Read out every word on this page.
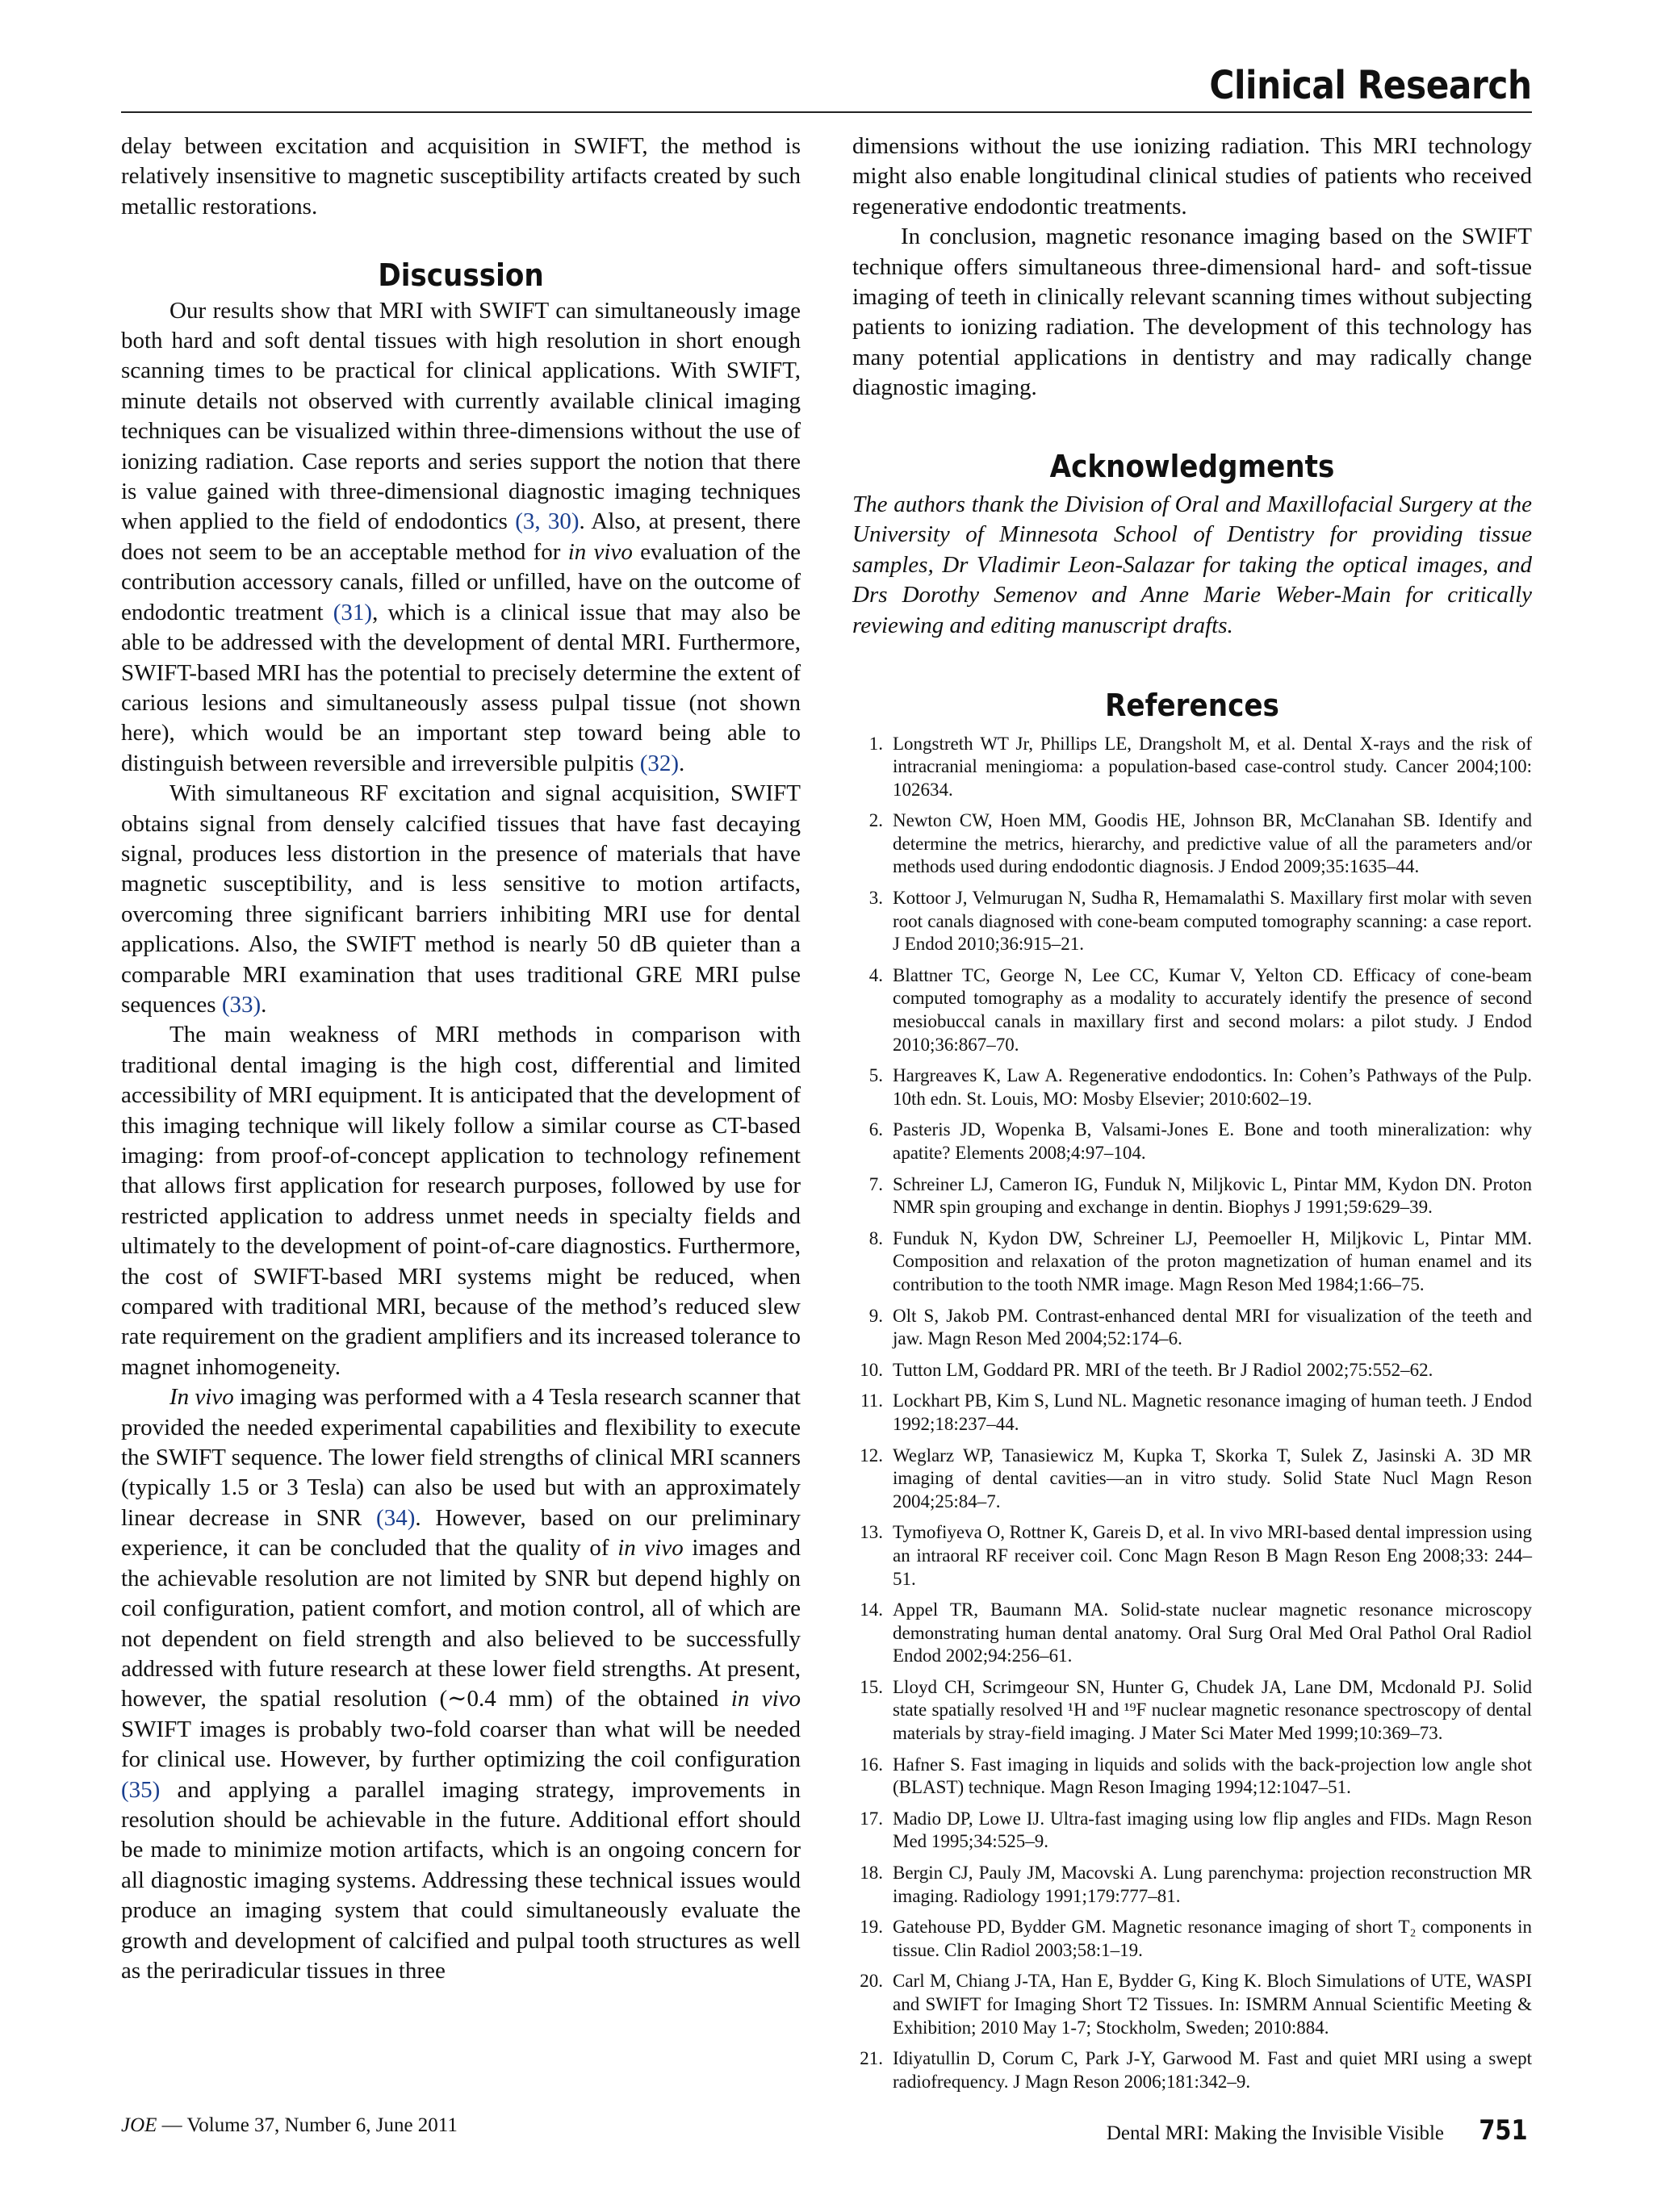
Clinical Research

delay between excitation and acquisition in SWIFT, the method is relatively insensitive to magnetic susceptibility artifacts created by such metallic restorations.

Discussion

Our results show that MRI with SWIFT can simultaneously image both hard and soft dental tissues with high resolution in short enough scanning times to be practical for clinical applications. With SWIFT, minute details not observed with currently available clinical imaging techniques can be visualized within three-dimensions without the use of ionizing radiation. Case reports and series support the notion that there is value gained with three-dimensional diagnostic imaging techniques when applied to the field of endodontics (3, 30). Also, at present, there does not seem to be an acceptable method for in vivo evaluation of the contribution accessory canals, filled or unfilled, have on the outcome of endodontic treatment (31), which is a clinical issue that may also be able to be addressed with the development of dental MRI. Furthermore, SWIFT-based MRI has the potential to precisely determine the extent of carious lesions and simultaneously assess pulpal tissue (not shown here), which would be an important step toward being able to distinguish between reversible and irreversible pulpitis (32).

With simultaneous RF excitation and signal acquisition, SWIFT obtains signal from densely calcified tissues that have fast decaying signal, produces less distortion in the presence of materials that have magnetic susceptibility, and is less sensitive to motion artifacts, overcoming three significant barriers inhibiting MRI use for dental applications. Also, the SWIFT method is nearly 50 dB quieter than a comparable MRI examination that uses traditional GRE MRI pulse sequences (33).

The main weakness of MRI methods in comparison with traditional dental imaging is the high cost, differential and limited accessibility of MRI equipment. It is anticipated that the development of this imaging technique will likely follow a similar course as CT-based imaging: from proof-of-concept application to technology refinement that allows first application for research purposes, followed by use for restricted application to address unmet needs in specialty fields and ultimately to the development of point-of-care diagnostics. Furthermore, the cost of SWIFT-based MRI systems might be reduced, when compared with traditional MRI, because of the method’s reduced slew rate requirement on the gradient amplifiers and its increased tolerance to magnet inhomogeneity.

In vivo imaging was performed with a 4 Tesla research scanner that provided the needed experimental capabilities and flexibility to execute the SWIFT sequence. The lower field strengths of clinical MRI scanners (typically 1.5 or 3 Tesla) can also be used but with an approximately linear decrease in SNR (34). However, based on our preliminary experience, it can be concluded that the quality of in vivo images and the achievable resolution are not limited by SNR but depend highly on coil configuration, patient comfort, and motion control, all of which are not dependent on field strength and also believed to be successfully addressed with future research at these lower field strengths. At present, however, the spatial resolution (∼0.4 mm) of the obtained in vivo SWIFT images is probably two-fold coarser than what will be needed for clinical use. However, by further optimizing the coil configuration (35) and applying a parallel imaging strategy, improvements in resolution should be achievable in the future. Additional effort should be made to minimize motion artifacts, which is an ongoing concern for all diagnostic imaging systems. Addressing these technical issues would produce an imaging system that could simultaneously evaluate the growth and development of calcified and pulpal tooth structures as well as the periradicular tissues in three

dimensions without the use ionizing radiation. This MRI technology might also enable longitudinal clinical studies of patients who received regenerative endodontic treatments.

In conclusion, magnetic resonance imaging based on the SWIFT technique offers simultaneous three-dimensional hard- and soft-tissue imaging of teeth in clinically relevant scanning times without subjecting patients to ionizing radiation. The development of this technology has many potential applications in dentistry and may radically change diagnostic imaging.

Acknowledgments

The authors thank the Division of Oral and Maxillofacial Surgery at the University of Minnesota School of Dentistry for providing tissue samples, Dr Vladimir Leon-Salazar for taking the optical images, and Drs Dorothy Semenov and Anne Marie Weber-Main for critically reviewing and editing manuscript drafts.

References
1. Longstreth WT Jr, Phillips LE, Drangsholt M, et al. Dental X-rays and the risk of intracranial meningioma: a population-based case-control study. Cancer 2004;100: 102634.
2. Newton CW, Hoen MM, Goodis HE, Johnson BR, McClanahan SB. Identify and determine the metrics, hierarchy, and predictive value of all the parameters and/or methods used during endodontic diagnosis. J Endod 2009;35:1635–44.
3. Kottoor J, Velmurugan N, Sudha R, Hemamalathi S. Maxillary first molar with seven root canals diagnosed with cone-beam computed tomography scanning: a case report. J Endod 2010;36:915–21.
4. Blattner TC, George N, Lee CC, Kumar V, Yelton CD. Efficacy of cone-beam computed tomography as a modality to accurately identify the presence of second mesiobuccal canals in maxillary first and second molars: a pilot study. J Endod 2010;36:867–70.
5. Hargreaves K, Law A. Regenerative endodontics. In: Cohen’s Pathways of the Pulp. 10th edn. St. Louis, MO: Mosby Elsevier; 2010:602–19.
6. Pasteris JD, Wopenka B, Valsami-Jones E. Bone and tooth mineralization: why apatite? Elements 2008;4:97–104.
7. Schreiner LJ, Cameron IG, Funduk N, Miljkovic L, Pintar MM, Kydon DN. Proton NMR spin grouping and exchange in dentin. Biophys J 1991;59:629–39.
8. Funduk N, Kydon DW, Schreiner LJ, Peemoeller H, Miljkovic L, Pintar MM. Composition and relaxation of the proton magnetization of human enamel and its contribution to the tooth NMR image. Magn Reson Med 1984;1:66–75.
9. Olt S, Jakob PM. Contrast-enhanced dental MRI for visualization of the teeth and jaw. Magn Reson Med 2004;52:174–6.
10. Tutton LM, Goddard PR. MRI of the teeth. Br J Radiol 2002;75:552–62.
11. Lockhart PB, Kim S, Lund NL. Magnetic resonance imaging of human teeth. J Endod 1992;18:237–44.
12. Weglarz WP, Tanasiewicz M, Kupka T, Skorka T, Sulek Z, Jasinski A. 3D MR imaging of dental cavities—an in vitro study. Solid State Nucl Magn Reson 2004;25:84–7.
13. Tymofiyeva O, Rottner K, Gareis D, et al. In vivo MRI-based dental impression using an intraoral RF receiver coil. Conc Magn Reson B Magn Reson Eng 2008;33: 244–51.
14. Appel TR, Baumann MA. Solid-state nuclear magnetic resonance microscopy demonstrating human dental anatomy. Oral Surg Oral Med Oral Pathol Oral Radiol Endod 2002;94:256–61.
15. Lloyd CH, Scrimgeour SN, Hunter G, Chudek JA, Lane DM, Mcdonald PJ. Solid state spatially resolved ¹H and ¹⁹F nuclear magnetic resonance spectroscopy of dental materials by stray-field imaging. J Mater Sci Mater Med 1999;10:369–73.
16. Hafner S. Fast imaging in liquids and solids with the back-projection low angle shot (BLAST) technique. Magn Reson Imaging 1994;12:1047–51.
17. Madio DP, Lowe IJ. Ultra-fast imaging using low flip angles and FIDs. Magn Reson Med 1995;34:525–9.
18. Bergin CJ, Pauly JM, Macovski A. Lung parenchyma: projection reconstruction MR imaging. Radiology 1991;179:777–81.
19. Gatehouse PD, Bydder GM. Magnetic resonance imaging of short T₂ components in tissue. Clin Radiol 2003;58:1–19.
20. Carl M, Chiang J-TA, Han E, Bydder G, King K. Bloch Simulations of UTE, WASPI and SWIFT for Imaging Short T2 Tissues. In: ISMRM Annual Scientific Meeting & Exhibition; 2010 May 1-7; Stockholm, Sweden; 2010:884.
21. Idiyatullin D, Corum C, Park J-Y, Garwood M. Fast and quiet MRI using a swept radiofrequency. J Magn Reson 2006;181:342–9.
JOE — Volume 37, Number 6, June 2011	Dental MRI: Making the Invisible Visible 751
